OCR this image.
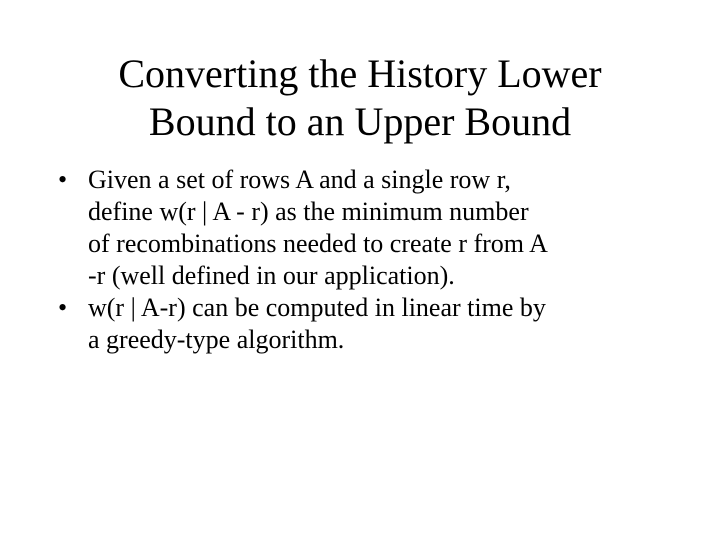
Converting the History Lower
Bound to an Upper Bound
• Given a set of rows A and a single row r,
define w(r | A - r) as the minimum number
of recombinations needed to create r from A
-r (well defined in our application).
• w(r | A-r) can be computed in linear time by
a greedy-type algorithm.
